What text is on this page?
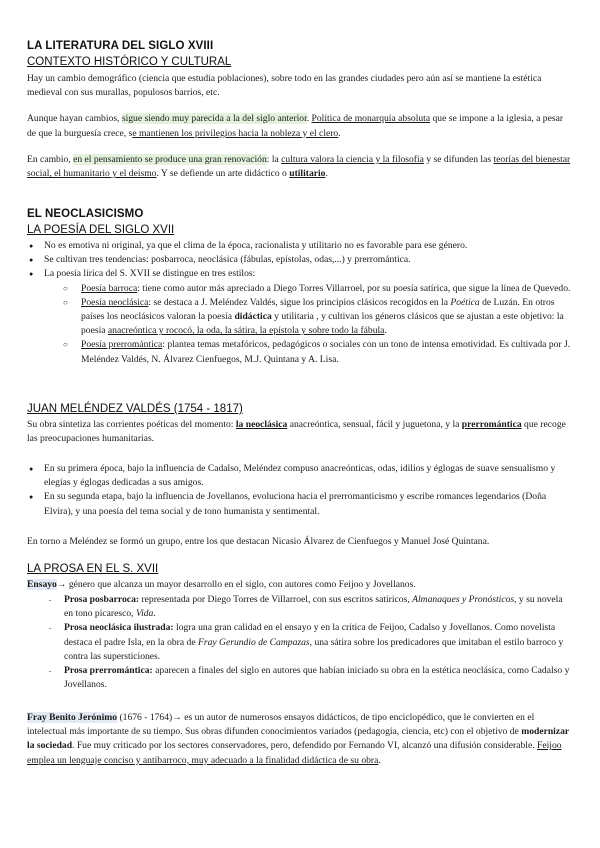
LA LITERATURA DEL SIGLO XVIII
CONTEXTO HISTÓRICO Y CULTURAL

Hay un cambio demográfico (ciencia que estudia poblaciones), sobre todo en las grandes ciudades pero aún así se mantiene la estética medieval con sus murallas, populosos barrios, etc.

Aunque hayan cambios, sigue siendo muy parecida a la del siglo anterior. Política de monarquía absoluta que se impone a la iglesia, a pesar de que la burguesía crece, se mantienen los privilegios hacia la nobleza y el clero.

En cambio, en el pensamiento se produce una gran renovación: la cultura valora la ciencia y la filosofía y se difunden las teorías del bienestar social, el humanitario y el deísmo. Y se defiende un arte didáctico o utilitario.

EL NEOCLASICISMO
LA POESÍA DEL SIGLO XVII
● No es emotiva ni original, ya que el clima de la época, racionalista y utilitario no es favorable para ese género.
● Se cultivan tres tendencias: posbarroca, neoclásica (fábulas, epístolas, odas,...) y prerromántica.
● La poesía lírica del S. XVII se distingue en tres estilos:
○ Poesía barroca: tiene como autor más apreciado a Diego Torres Villarroel, por su poesía satírica, que sigue la línea de Quevedo.
○ Poesía neoclásica: se destaca a J. Meléndez Valdés, sigue los principios clásicos recogidos en la Poética de Luzán. En otros países los neoclásicos valoran la poesía didáctica y utilitaria , y cultivan los géneros clásicos que se ajustan a este objetivo: la poesía anacreóntica y rococó, la oda, la sátira, la epístola y sobre todo la fábula.
○ Poesía prerromántica: plantea temas metafóricos, pedagógicos o sociales con un tono de intensa emotividad. Es cultivada por J. Meléndez Valdés, N. Álvarez Cienfuegos, M.J. Quintana y A. Lisa.
JUAN MELÉNDEZ VALDÉS (1754 - 1817)

Su obra sintetiza las corrientes poéticas del momento: la neoclásica anacreóntica, sensual, fácil y juguetona, y la prerromántica que recoge las preocupaciones humanitarias.

● En su primera época, bajo la influencia de Cadalso, Meléndez compuso anacreónticas, odas, idilios y églogas de suave sensualismo y elegías y églogas dedicadas a sus amigos.
● En su segunda etapa, bajo la influencia de Jovellanos, evoluciona hacia el prerromanticismo y escribe romances legendarios (Doña Elvira), y una poesía del tema social y de tono humanista y sentimental.

En torno a Meléndez se formó un grupo, entre los que destacan Nicasio Álvarez de Cienfuegos y Manuel José Quintana.

LA PROSA EN EL S. XVII

Ensayo→ género que alcanza un mayor desarrollo en el siglo, con autores como Feijoo y Jovellanos.

- Prosa posbarroca: representada por Diego Torres de Villarroel, con sus escritos satíricos, Almanaques y Pronósticos, y su novela en tono picaresco, Vida.
- Prosa neoclásica ilustrada: logra una gran calidad en el ensayo y en la crítica de Feijoo, Cadalso y Jovellanos. Como novelista destaca el padre Isla, en la obra de Fray Gerundio de Campazas, una sátira sobre los predicadores que imitaban el estilo barroco y contra las supersticiones.
- Prosa prerromántica: aparecen a finales del siglo en autores que habían iniciado su obra en la estética neoclásica, como Cadalso y Jovellanos.

Fray Benito Jerónimo (1676 - 1764)→ es un autor de numerosos ensayos didácticos, de tipo enciclopédico, que le convierten en el intelectual más importante de su tiempo. Sus obras difunden conocimientos variados (pedagogía, ciencia, etc) con el objetivo de modernizar la sociedad. Fue muy criticado por los sectores conservadores, pero, defendido por Fernando VI, alcanzó una difusión considerable. Feijoo emplea un lenguaje conciso y antibarroco, muy adecuado a la finalidad didáctica de su obra.
